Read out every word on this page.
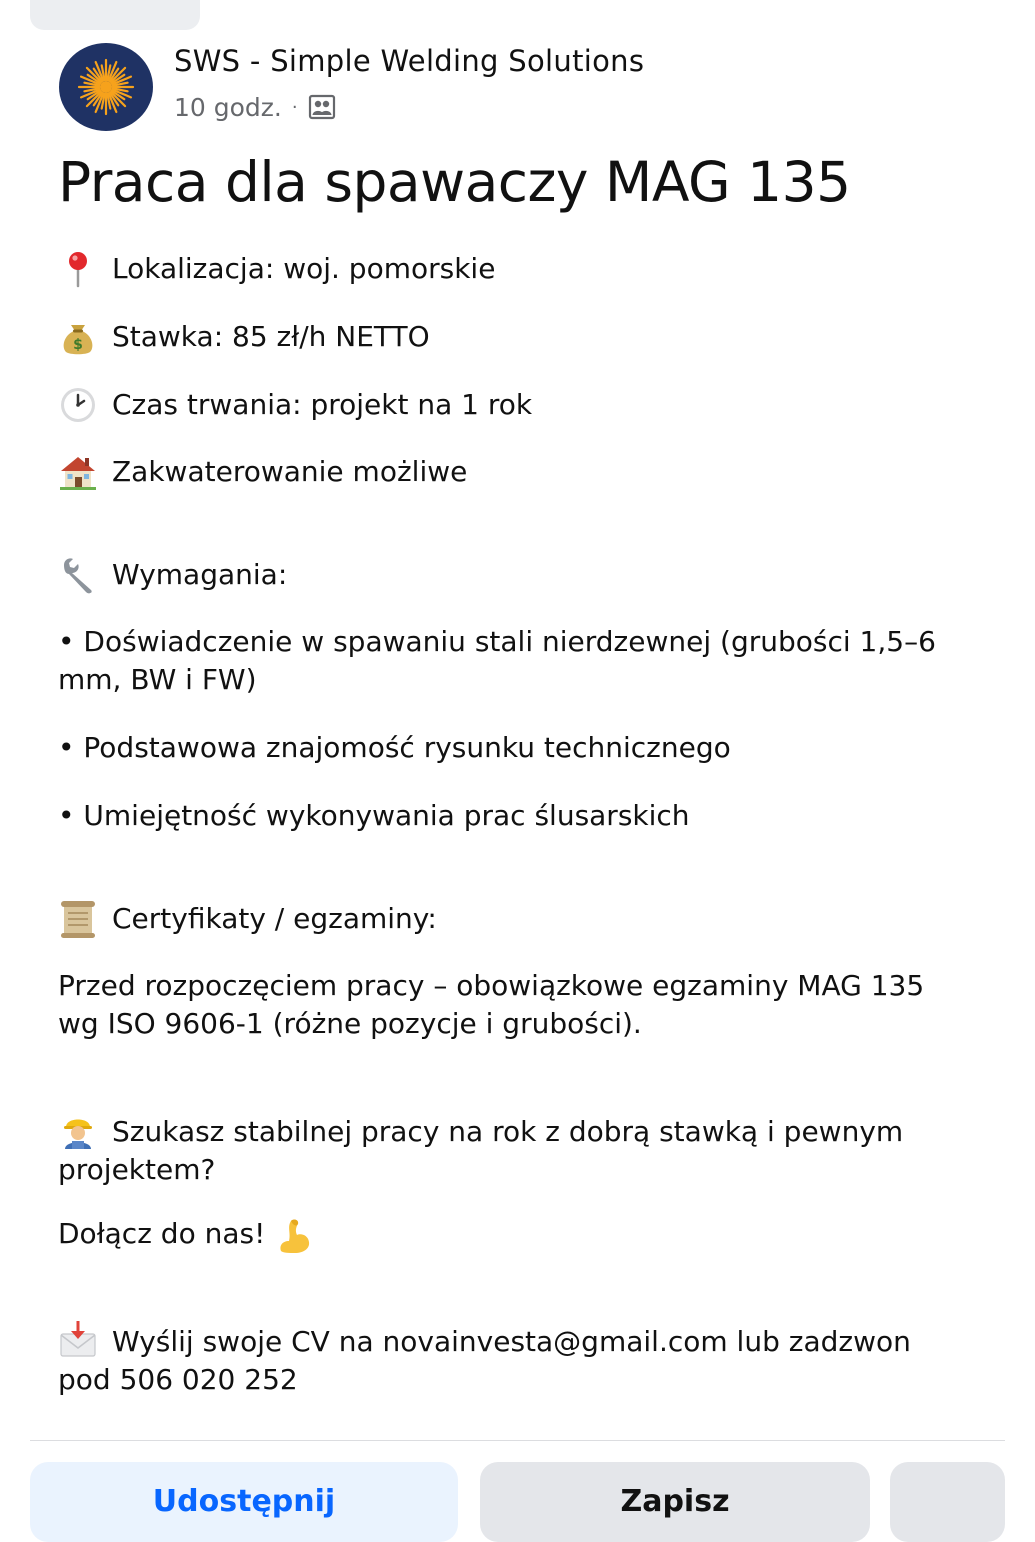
SWS - Simple Welding Solutions
10 godz. ·
Praca dla spawaczy MAG 135
Lokalizacja: woj. pomorskie
$ Stawka: 85 zł/h NETTO
Czas trwania: projekt na 1 rok
Zakwaterowanie możliwe
Wymagania:
• Doświadczenie w spawaniu stali nierdzewnej (grubości 1,5–6 mm, BW i FW)
• Podstawowa znajomość rysunku technicznego
• Umiejętność wykonywania prac ślusarskich
Certyfikaty / egzaminy:
Przed rozpoczęciem pracy – obowiązkowe egzaminy MAG 135 wg ISO 9606-1 (różne pozycje i grubości).
Szukasz stabilnej pracy na rok z dobrą stawką i pewnym projektem?
Dołącz do nas!
Wyślij swoje CV na novainvesta@gmail.com lub zadzwon pod 506 020 252
Udostępnij	Zapisz
